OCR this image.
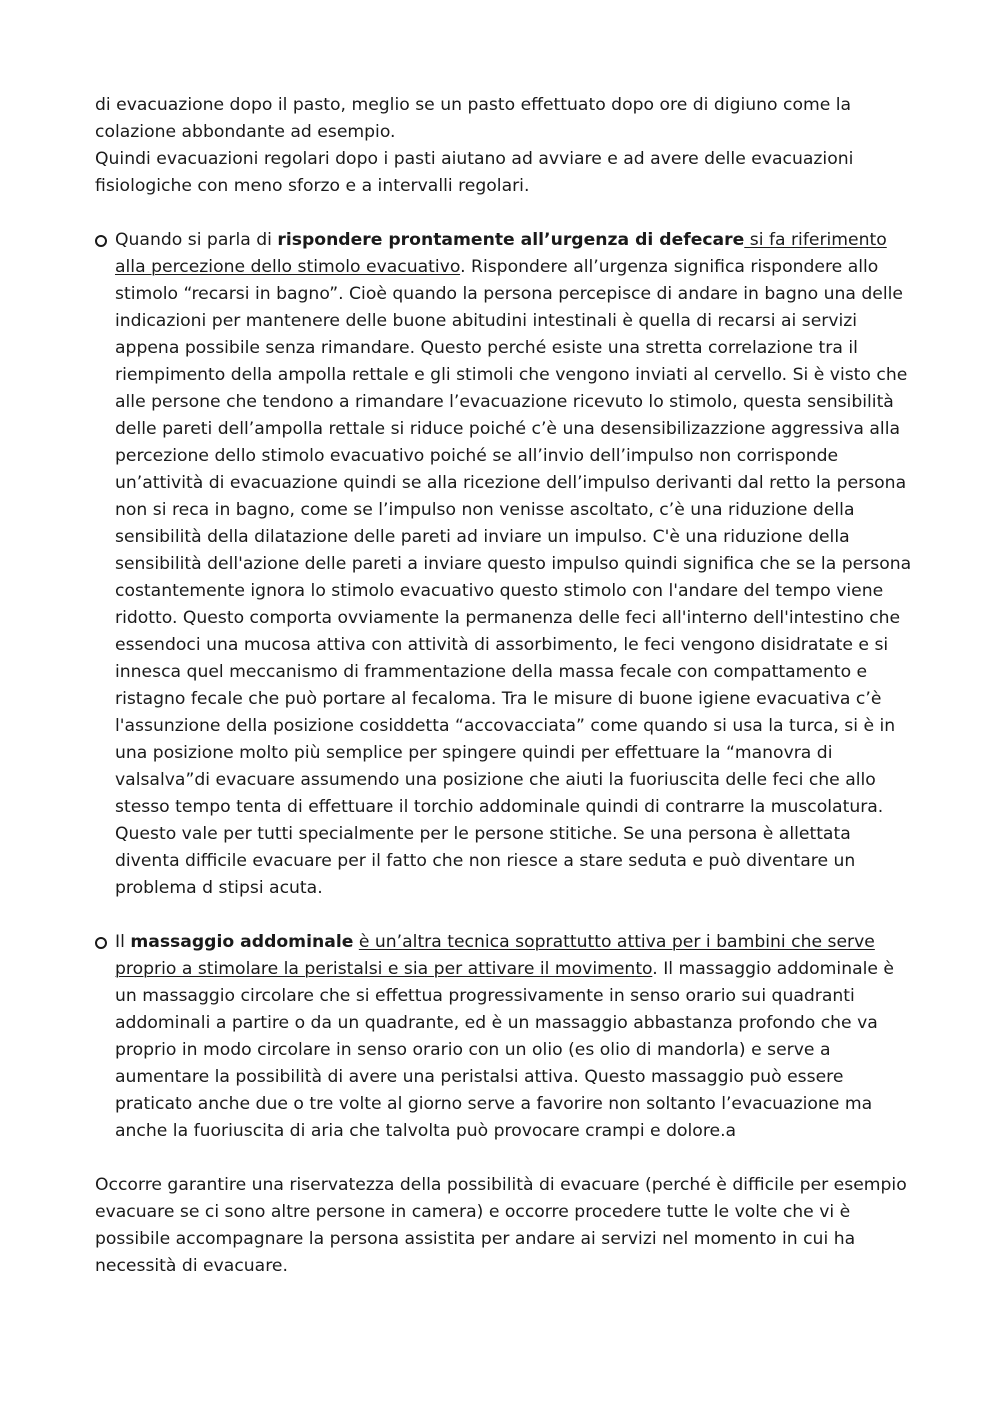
di evacuazione dopo il pasto, meglio se un pasto effettuato dopo ore di digiuno come la colazione abbondante ad esempio.

Quindi evacuazioni regolari dopo i pasti aiutano ad avviare e ad avere delle evacuazioni fisiologiche con meno sforzo e a intervalli regolari.

Quando si parla di rispondere prontamente all’urgenza di defecare si fa riferimento alla percezione dello stimolo evacuativo. Rispondere all’urgenza significa rispondere allo stimolo “recarsi in bagno”. Cioè quando la persona percepisce di andare in bagno una delle indicazioni per mantenere delle buone abitudini intestinali è quella di recarsi ai servizi appena possibile senza rimandare. Questo perché esiste una stretta correlazione tra il riempimento della ampolla rettale e gli stimoli che vengono inviati al cervello. Si è visto che alle persone che tendono a rimandare l’evacuazione ricevuto lo stimolo, questa sensibilità delle pareti dell’ampolla rettale si riduce poiché c’è una desensibilizazzione aggressiva alla percezione dello stimolo evacuativo poiché se all’invio dell’impulso non corrisponde un’attività di evacuazione quindi se alla ricezione dell’impulso derivanti dal retto la persona non si reca in bagno, come se l’impulso non venisse ascoltato, c’è una riduzione della sensibilità della dilatazione delle pareti ad inviare un impulso. C'è una riduzione della sensibilità dell'azione delle pareti a inviare questo impulso quindi significa che se la persona costantemente ignora lo stimolo evacuativo questo stimolo con l'andare del tempo viene ridotto. Questo comporta ovviamente la permanenza delle feci all'interno dell'intestino che essendoci una mucosa attiva con attività di assorbimento, le feci vengono disidratate e si innesca quel meccanismo di frammentazione della massa fecale con compattamento e ristagno fecale che può portare al fecaloma. Tra le misure di buone igiene evacuativa c’è l'assunzione della posizione cosiddetta “accovacciata” come quando si usa la turca, si è in una posizione molto più semplice per spingere quindi per effettuare la “manovra di valsalva”di evacuare assumendo una posizione che aiuti la fuoriuscita delle feci che allo stesso tempo tenta di effettuare il torchio addominale quindi di contrarre la muscolatura. Questo vale per tutti specialmente per le persone stitiche. Se una persona è allettata diventa difficile evacuare per il fatto che non riesce a stare seduta e può diventare un problema d stipsi acuta.

Il massaggio addominale è un’altra tecnica soprattutto attiva per i bambini che serve proprio a stimolare la peristalsi e sia per attivare il movimento. Il massaggio addominale è un massaggio circolare che si effettua progressivamente in senso orario sui quadranti addominali a partire o da un quadrante, ed è un massaggio abbastanza profondo che va proprio in modo circolare in senso orario con un olio (es olio di mandorla) e serve a aumentare la possibilità di avere una peristalsi attiva. Questo massaggio può essere praticato anche due o tre volte al giorno serve a favorire non soltanto l’evacuazione ma anche la fuoriuscita di aria che talvolta può provocare crampi e dolore.a

Occorre garantire una riservatezza della possibilità di evacuare (perché è difficile per esempio evacuare se ci sono altre persone in camera) e occorre procedere tutte le volte che vi è possibile accompagnare la persona assistita per andare ai servizi nel momento in cui ha necessità di evacuare.
